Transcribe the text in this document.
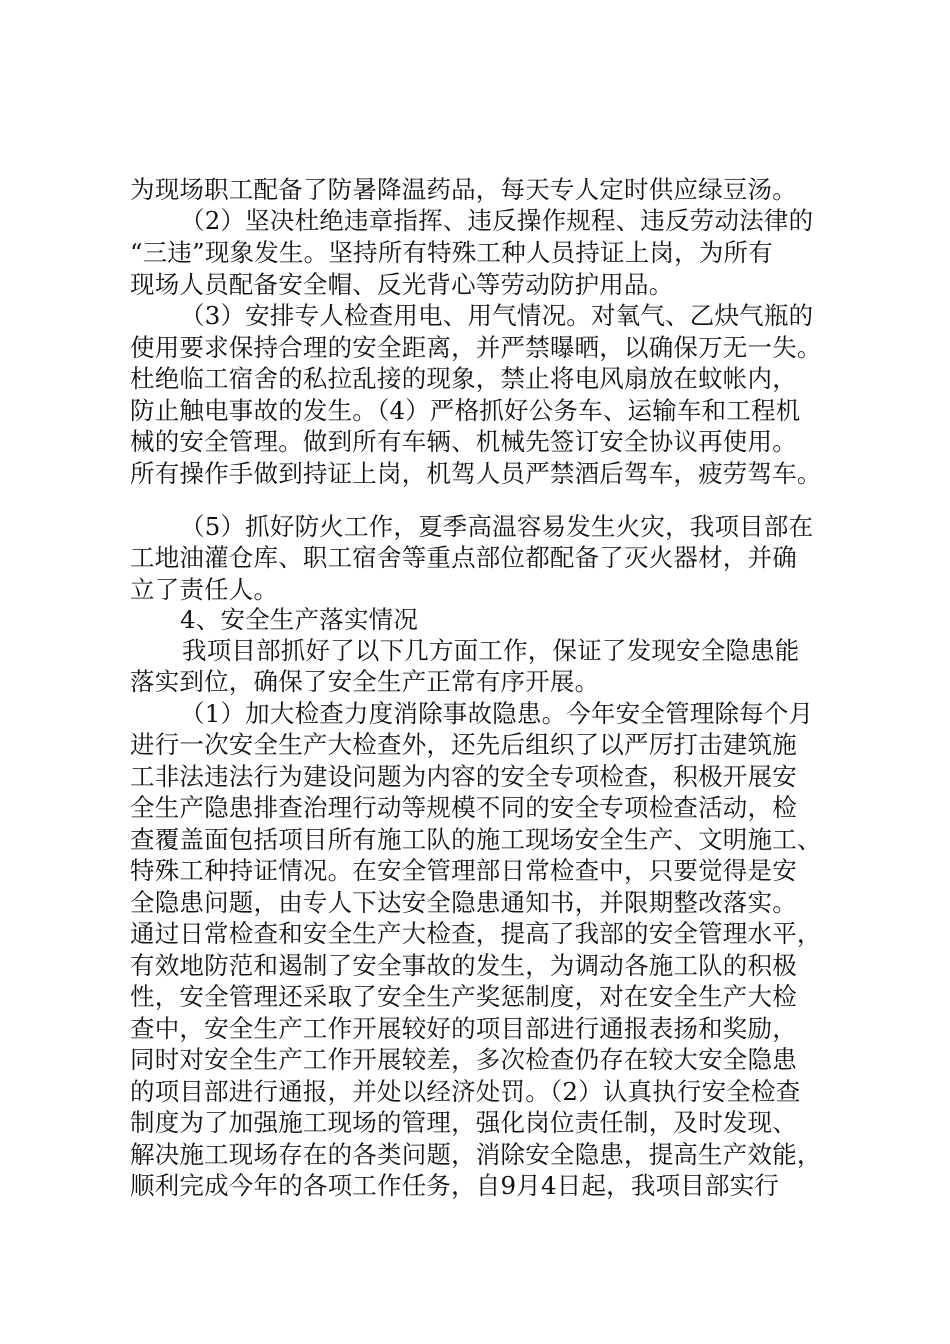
为现场职工配备了防暑降温药品，每天专人定时供应绿豆汤。
（2）坚决杜绝违章指挥、违反操作规程、违反劳动法律的
“三违”现象发生。坚持所有特殊工种人员持证上岗，为所有
现场人员配备安全帽、反光背心等劳动防护用品。
（3）安排专人检查用电、用气情况。对氧气、乙炔气瓶的
使用要求保持合理的安全距离，并严禁曝晒，以确保万无一失。
杜绝临工宿舍的私拉乱接的现象，禁止将电风扇放在蚊帐内，
防止触电事故的发生。（4）严格抓好公务车、运输车和工程机
械的安全管理。做到所有车辆、机械先签订安全协议再使用。
所有操作手做到持证上岗，机驾人员严禁酒后驾车，疲劳驾车。
（5）抓好防火工作，夏季高温容易发生火灾，我项目部在
工地油灌仓库、职工宿舍等重点部位都配备了灭火器材，并确
立了责任人。
4、安全生产落实情况
我项目部抓好了以下几方面工作，保证了发现安全隐患能
落实到位，确保了安全生产正常有序开展。
（1）加大检查力度消除事故隐患。今年安全管理除每个月
进行一次安全生产大检查外，还先后组织了以严厉打击建筑施
工非法违法行为建设问题为内容的安全专项检查，积极开展安
全生产隐患排查治理行动等规模不同的安全专项检查活动，检
查覆盖面包括项目所有施工队的施工现场安全生产、文明施工、
特殊工种持证情况。在安全管理部日常检查中，只要觉得是安
全隐患问题，由专人下达安全隐患通知书，并限期整改落实。
通过日常检查和安全生产大检查，提高了我部的安全管理水平，
有效地防范和遏制了安全事故的发生，为调动各施工队的积极
性，安全管理还采取了安全生产奖惩制度，对在安全生产大检
查中，安全生产工作开展较好的项目部进行通报表扬和奖励，
同时对安全生产工作开展较差，多次检查仍存在较大安全隐患
的项目部进行通报，并处以经济处罚。（2）认真执行安全检查
制度为了加强施工现场的管理，强化岗位责任制，及时发现、
解决施工现场存在的各类问题，消除安全隐患，提高生产效能，
顺利完成今年的各项工作任务，自9月4日起，我项目部实行
